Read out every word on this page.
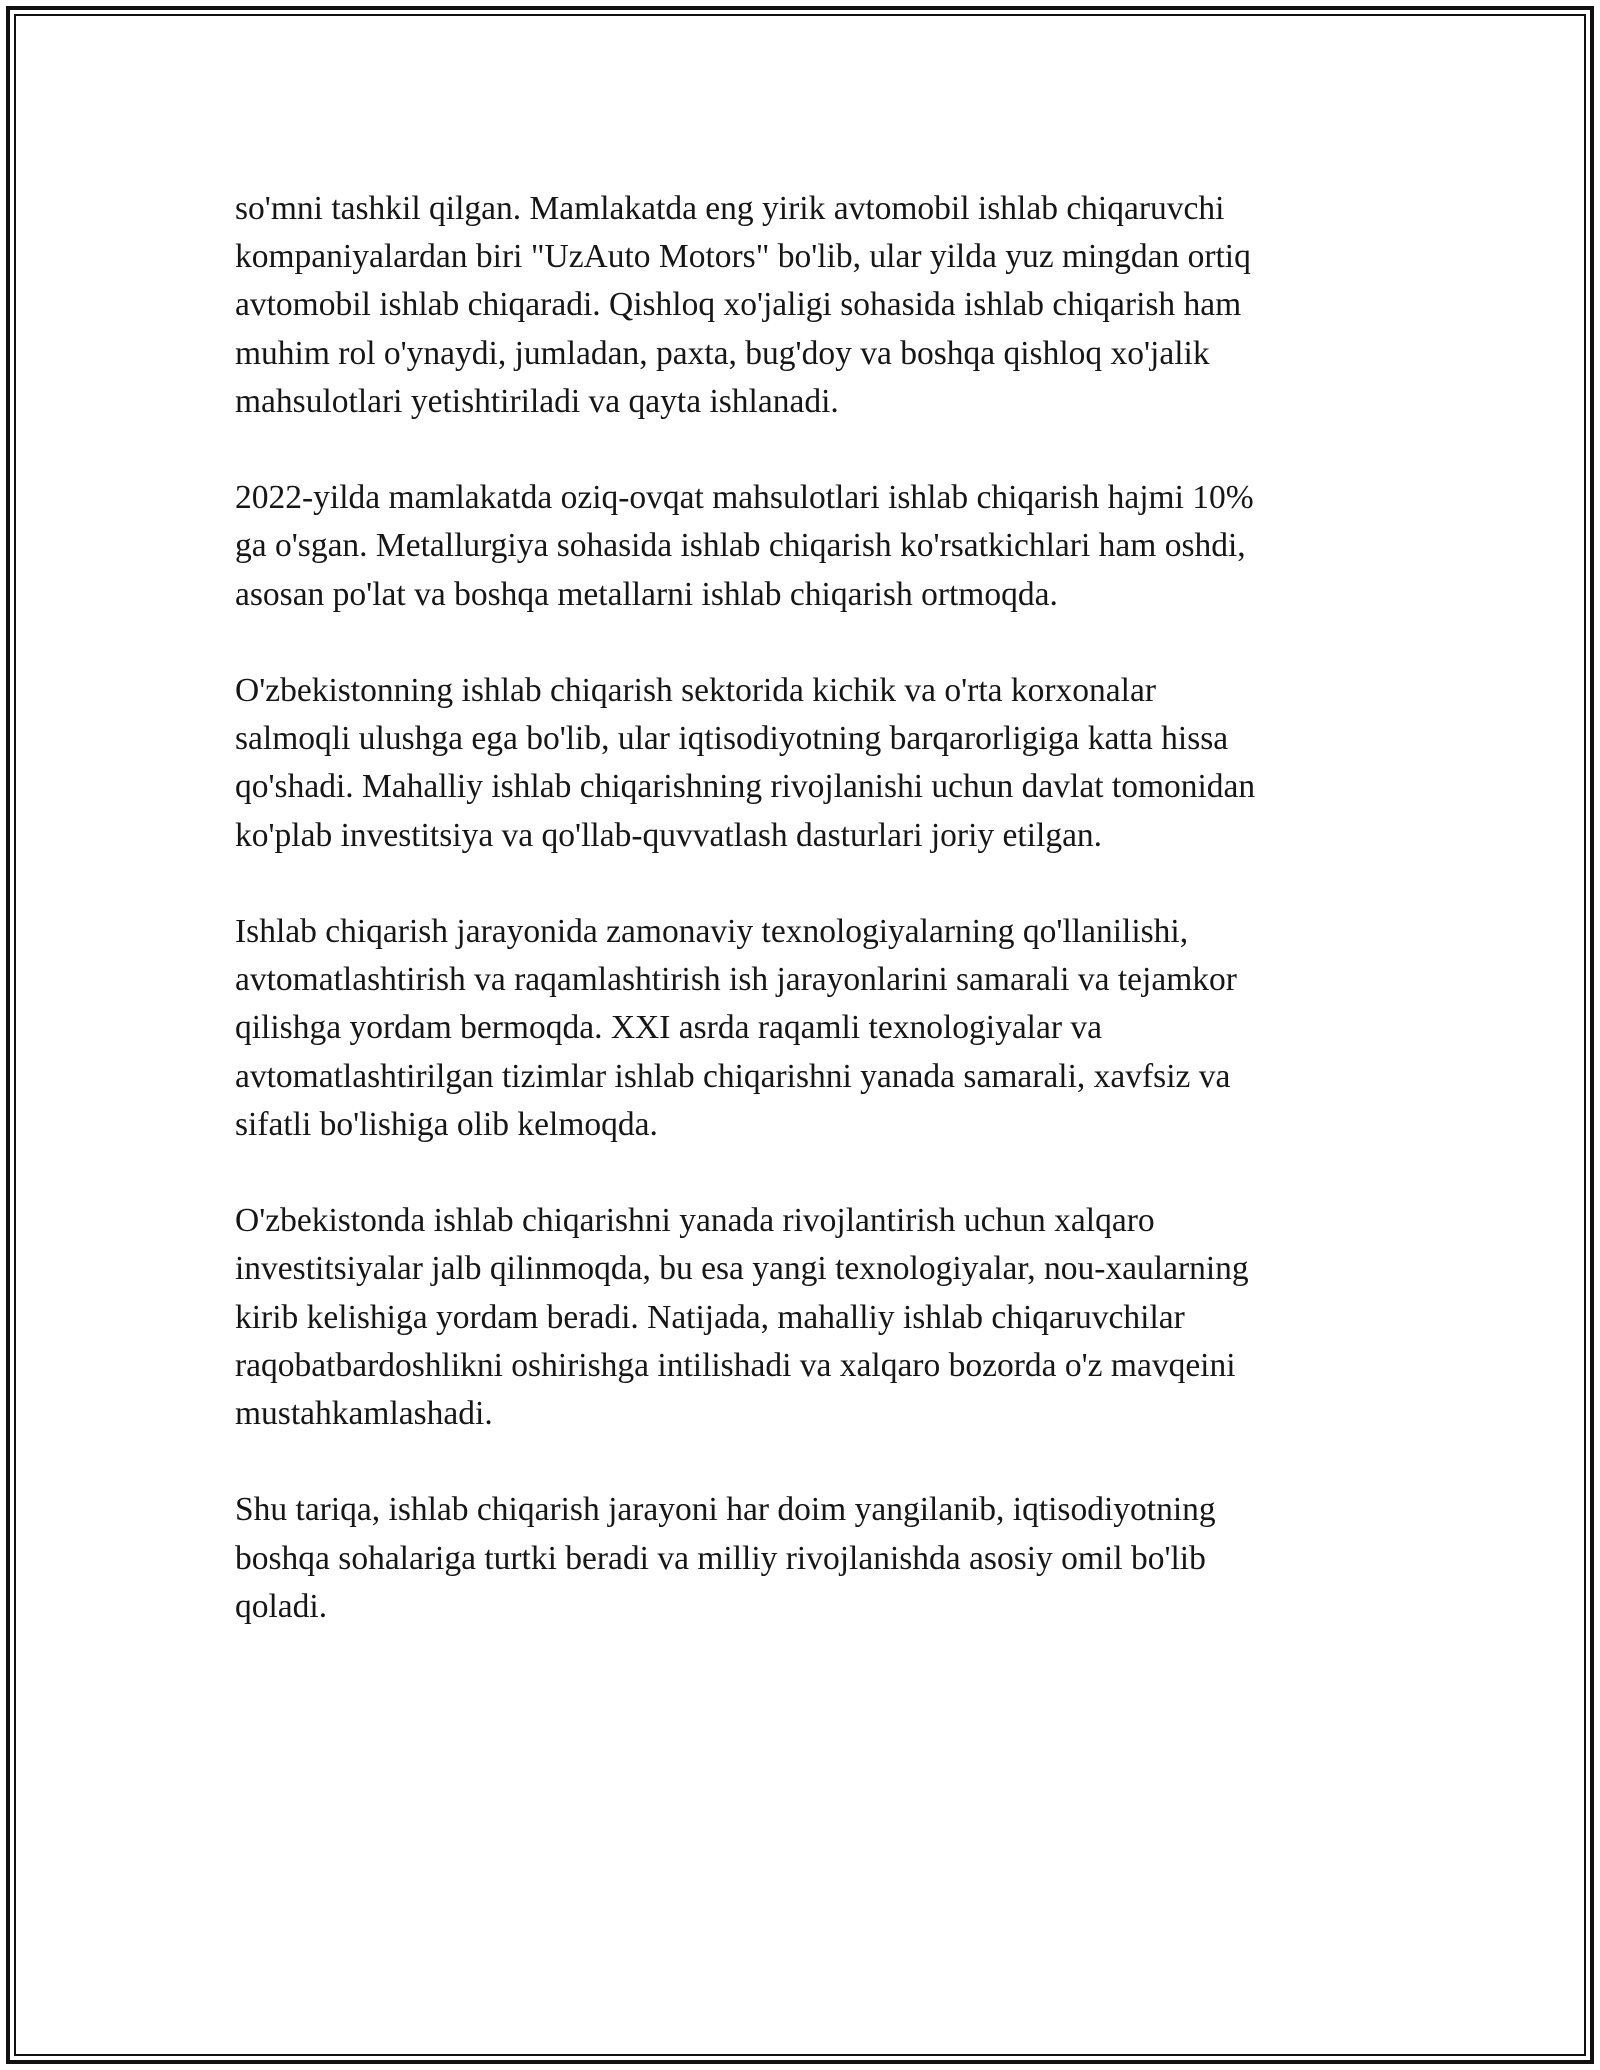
so'mni tashkil qilgan. Mamlakatda eng yirik avtomobil ishlab chiqaruvchi
kompaniyalardan biri "UzAuto Motors" bo'lib, ular yilda yuz mingdan ortiq
avtomobil ishlab chiqaradi. Qishloq xo'jaligi sohasida ishlab chiqarish ham
muhim rol o'ynaydi, jumladan, paxta, bug'doy va boshqa qishloq xo'jalik
mahsulotlari yetishtiriladi va qayta ishlanadi.

2022-yilda mamlakatda oziq-ovqat mahsulotlari ishlab chiqarish hajmi 10%
ga o'sgan. Metallurgiya sohasida ishlab chiqarish ko'rsatkichlari ham oshdi,
asosan po'lat va boshqa metallarni ishlab chiqarish ortmoqda.

O'zbekistonning ishlab chiqarish sektorida kichik va o'rta korxonalar
salmoqli ulushga ega bo'lib, ular iqtisodiyotning barqarorligiga katta hissa
qo'shadi. Mahalliy ishlab chiqarishning rivojlanishi uchun davlat tomonidan
ko'plab investitsiya va qo'llab-quvvatlash dasturlari joriy etilgan.

Ishlab chiqarish jarayonida zamonaviy texnologiyalarning qo'llanilishi,
avtomatlashtirish va raqamlashtirish ish jarayonlarini samarali va tejamkor
qilishga yordam bermoqda. XXI asrda raqamli texnologiyalar va
avtomatlashtirilgan tizimlar ishlab chiqarishni yanada samarali, xavfsiz va
sifatli bo'lishiga olib kelmoqda.

O'zbekistonda ishlab chiqarishni yanada rivojlantirish uchun xalqaro
investitsiyalar jalb qilinmoqda, bu esa yangi texnologiyalar, nou-xaularning
kirib kelishiga yordam beradi. Natijada, mahalliy ishlab chiqaruvchilar
raqobatbardoshlikni oshirishga intilishadi va xalqaro bozorda o'z mavqeini
mustahkamlashadi.

Shu tariqa, ishlab chiqarish jarayoni har doim yangilanib, iqtisodiyotning
boshqa sohalariga turtki beradi va milliy rivojlanishda asosiy omil bo'lib
qoladi.
